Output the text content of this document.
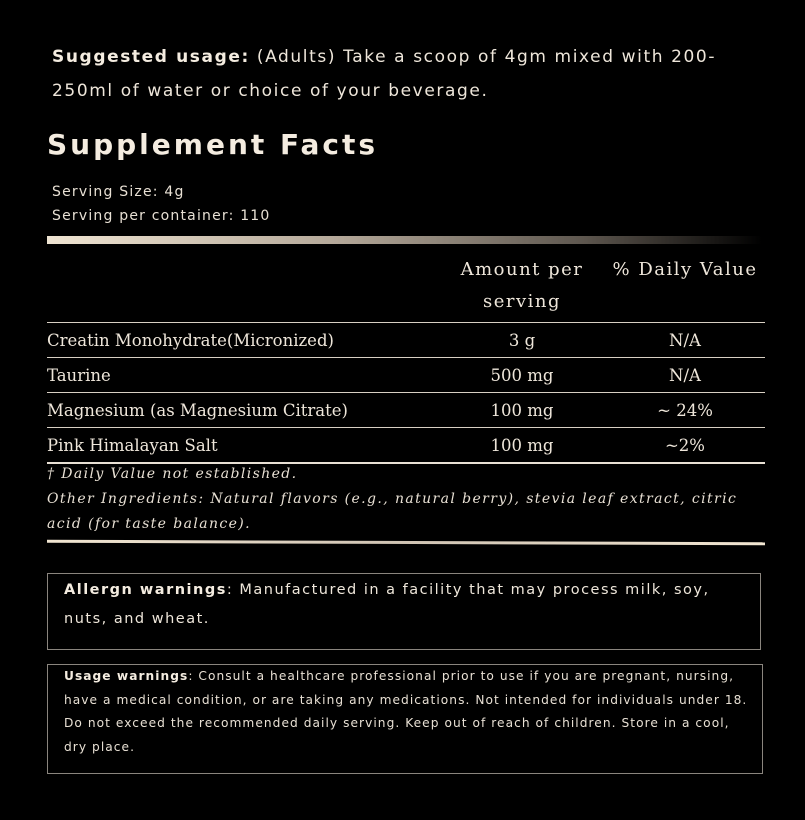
Suggested usage: (Adults) Take a scoop of 4gm mixed with 200-250ml of water or choice of your beverage.
Supplement Facts
Serving Size: 4g
Serving per container: 110
	Amount per serving	% Daily Value
Creatin Monohydrate(Micronized)	3 g	N/A
Taurine	500 mg	N/A
Magnesium (as Magnesium Citrate)	100 mg	~ 24%
Pink Himalayan Salt	100 mg	~2%
† Daily Value not established.
Other Ingredients: Natural flavors (e.g., natural berry), stevia leaf extract, citric acid (for taste balance).
Allergn warnings: Manufactured in a facility that may process milk, soy, nuts, and wheat.
Usage warnings: Consult a healthcare professional prior to use if you are pregnant, nursing, have a medical condition, or are taking any medications. Not intended for individuals under 18. Do not exceed the recommended daily serving. Keep out of reach of children. Store in a cool, dry place.
